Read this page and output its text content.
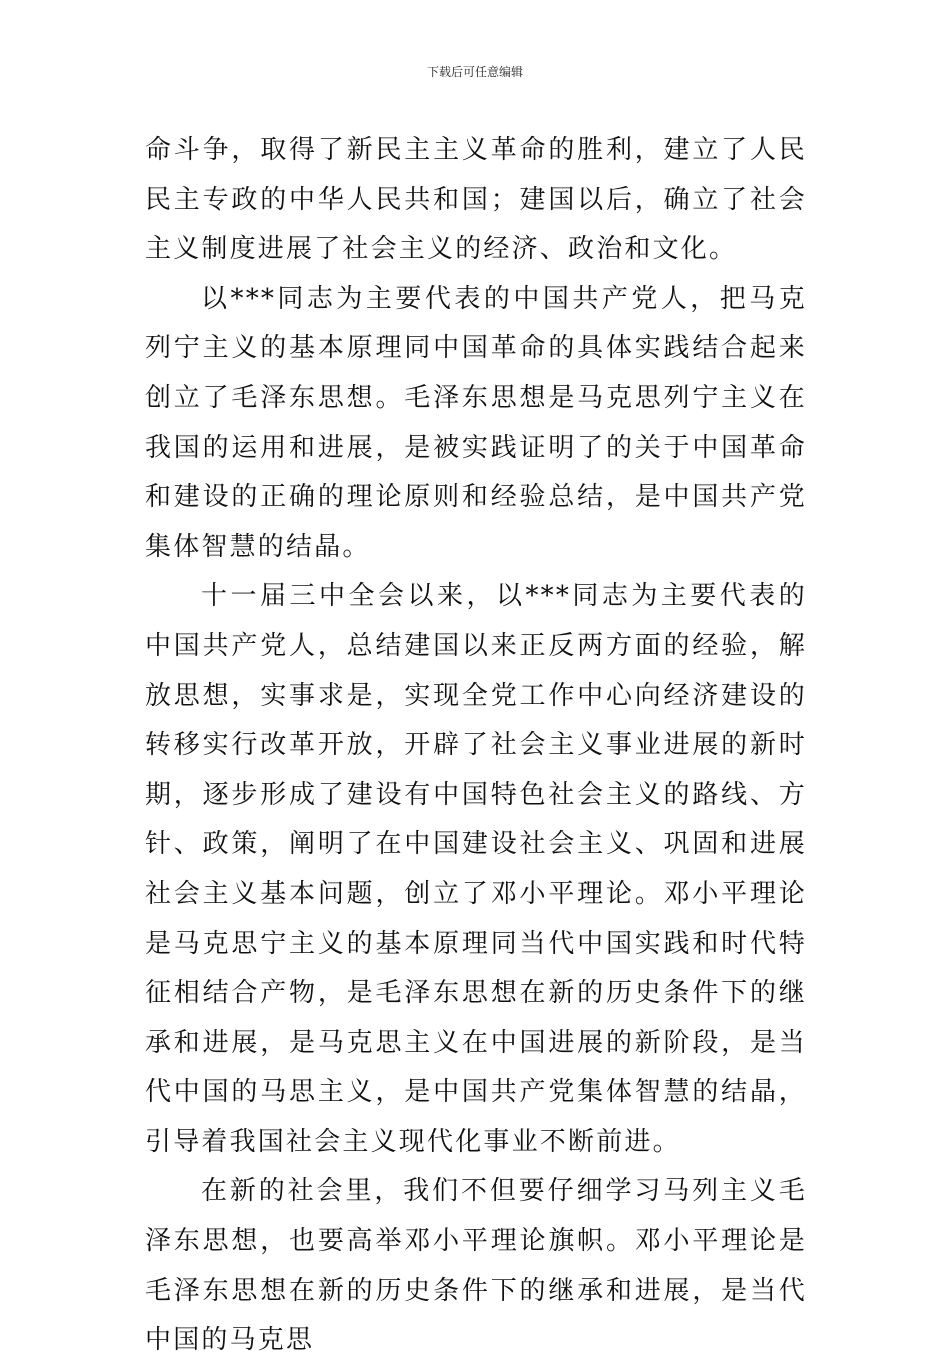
下载后可任意编辑

命斗争，取得了新民主主义革命的胜利，建立了人民民主专政的中华人民共和国；建国以后，确立了社会主义制度进展了社会主义的经济、政治和文化。

以***同志为主要代表的中国共产党人，把马克列宁主义的基本原理同中国革命的具体实践结合起来创立了毛泽东思想。毛泽东思想是马克思列宁主义在我国的运用和进展，是被实践证明了的关于中国革命和建设的正确的理论原则和经验总结，是中国共产党集体智慧的结晶。

十一届三中全会以来，以***同志为主要代表的中国共产党人，总结建国以来正反两方面的经验，解放思想，实事求是，实现全党工作中心向经济建设的转移实行改革开放，开辟了社会主义事业进展的新时期，逐步形成了建设有中国特色社会主义的路线、方针、政策，阐明了在中国建设社会主义、巩固和进展社会主义基本问题，创立了邓小平理论。邓小平理论是马克思宁主义的基本原理同当代中国实践和时代特征相结合产物，是毛泽东思想在新的历史条件下的继承和进展，是马克思主义在中国进展的新阶段，是当代中国的马思主义，是中国共产党集体智慧的结晶，引导着我国社会主义现代化事业不断前进。

在新的社会里，我们不但要仔细学习马列主义毛泽东思想，也要高举邓小平理论旗帜。邓小平理论是毛泽东思想在新的历史条件下的继承和进展，是当代中国的马克思
